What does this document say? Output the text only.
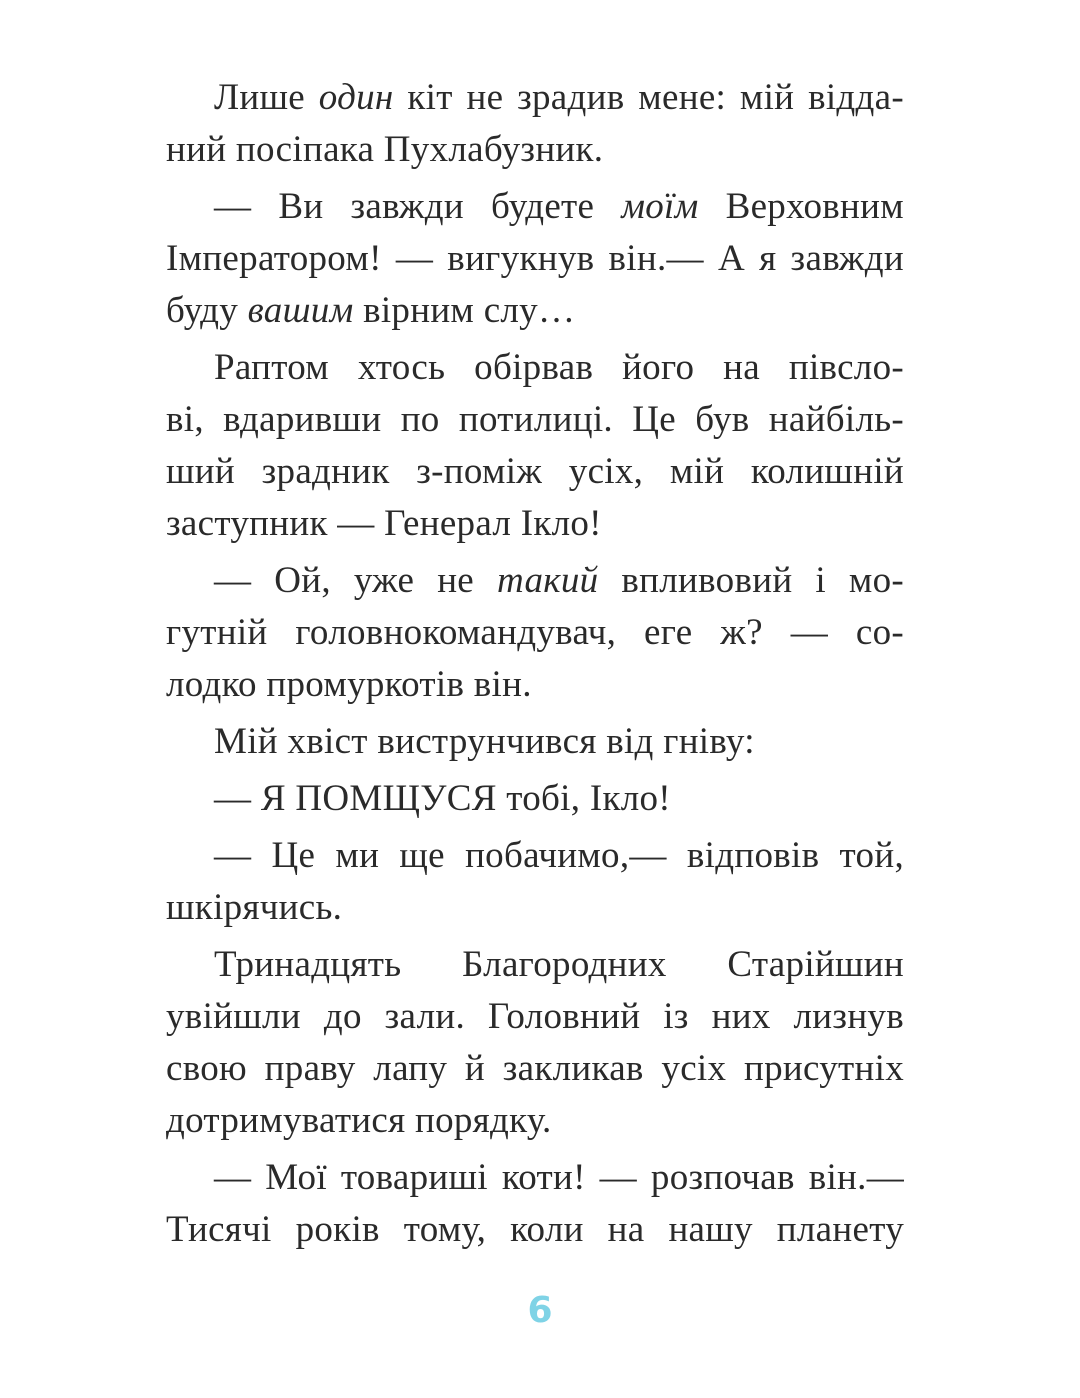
Лише один кіт не зрадив мене: мій відда-
ний посіпака Пухлабузник.
— Ви завжди будете моїм Верховним
Імператором! — вигукнув він.— А я завжди
буду вашим вірним слу…
Раптом хтось обірвав його на півсло-
ві, вдаривши по потилиці. Це був найбіль-
ший зрадник з-поміж усіх, мій колишній
заступник — Генерал Ікло!
— Ой, уже не такий впливовий і мо-
гутній головнокомандувач, еге ж? — со-
лодко промуркотів він.
Мій хвіст виструнчився від гніву:
— Я ПОМЩУСЯ тобі, Ікло!
— Це ми ще побачимо,— відповів той,
шкірячись.
Тринадцять Благородних Старійшин
увійшли до зали. Головний із них лизнув
свою праву лапу й закликав усіх присутніх
дотримуватися порядку.
— Мої товариші коти! — розпочав він.—
Тисячі років тому, коли на нашу планету
6
